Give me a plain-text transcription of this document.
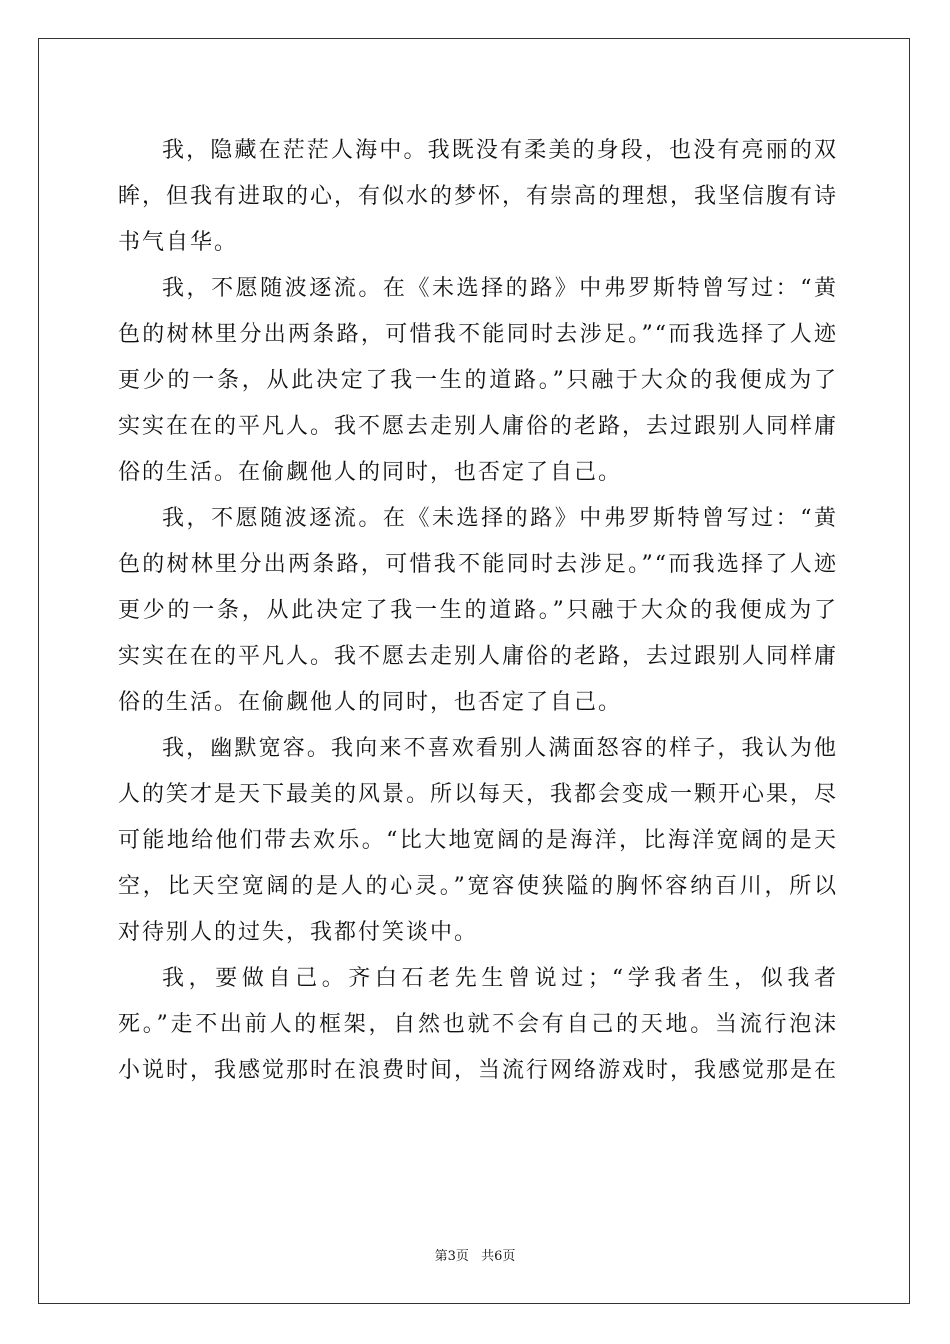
我，隐藏在茫茫人海中。我既没有柔美的身段，也没有亮丽的双眸，但我有进取的心，有似水的梦怀，有崇高的理想，我坚信腹有诗书气自华。

我，不愿随波逐流。在《未选择的路》中弗罗斯特曾写过：“黄色的树林里分出两条路，可惜我不能同时去涉足。”“而我选择了人迹更少的一条，从此决定了我一生的道路。”只融于大众的我便成为了实实在在的平凡人。我不愿去走别人庸俗的老路，去过跟别人同样庸俗的生活。在偷觑他人的同时，也否定了自己。

我，不愿随波逐流。在《未选择的路》中弗罗斯特曾写过：“黄色的树林里分出两条路，可惜我不能同时去涉足。”“而我选择了人迹更少的一条，从此决定了我一生的道路。”只融于大众的我便成为了实实在在的平凡人。我不愿去走别人庸俗的老路，去过跟别人同样庸俗的生活。在偷觑他人的同时，也否定了自己。

我，幽默宽容。我向来不喜欢看别人满面怒容的样子，我认为他人的笑才是天下最美的风景。所以每天，我都会变成一颗开心果，尽可能地给他们带去欢乐。“比大地宽阔的是海洋，比海洋宽阔的是天空，比天空宽阔的是人的心灵。”宽容使狭隘的胸怀容纳百川，所以对待别人的过失，我都付笑谈中。

我，要做自己。齐白石老先生曾说过；“学我者生，似我者死。”走不出前人的框架，自然也就不会有自己的天地。当流行泡沫小说时，我感觉那时在浪费时间，当流行网络游戏时，我感觉那是在

第3页 共6页
